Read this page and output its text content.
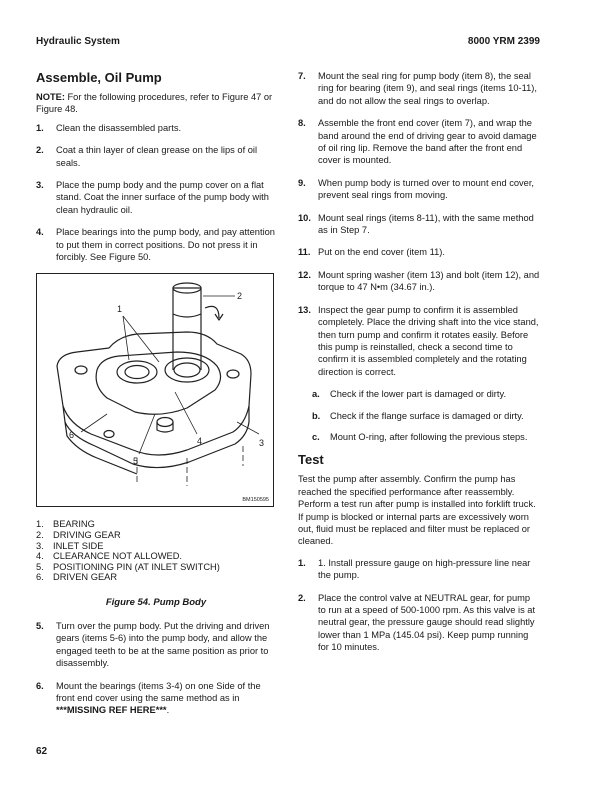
Hydraulic System	8000 YRM 2399
Assemble, Oil Pump
NOTE: For the following procedures, refer to Figure 47 or Figure 48.
1.	Clean the disassembled parts.
2.	Coat a thin layer of clean grease on the lips of oil seals.
3.	Place the pump body and the pump cover on a flat stand. Coat the inner surface of the pump body with clean hydraulic oil.
4.	Place bearings into the pump body, and pay attention to put them in correct positions. Do not press it in forcibly. See Figure 50.
1
2
3
4
5
6
BM150595
1. BEARING
2. DRIVING GEAR
3. INLET SIDE
4. CLEARANCE NOT ALLOWED.
5. POSITIONING PIN (AT INLET SWITCH)
6. DRIVEN GEAR
Figure 54. Pump Body
5.	Turn over the pump body. Put the driving and driven gears (items 5-6) into the pump body, and allow the engaged teeth to be at the same position as prior to disassembly.
6.	Mount the bearings (items 3-4) on one Side of the front end cover using the same method as in
***MISSING REF HERE***.
7.	Mount the seal ring for pump body (item 8), the seal ring for bearing (item 9), and seal rings (items 10-11), and do not allow the seal rings to overlap.
8.	Assemble the front end cover (item 7), and wrap the band around the end of driving gear to avoid damage of oil ring lip. Remove the band after the front end cover is mounted.
9.	When pump body is turned over to mount end cover, prevent seal rings from moving.
10. Mount seal rings (items 8-11), with the same method as in Step 7.
11. Put on the end cover (item 11).
12. Mount spring washer (item 13) and bolt (item 12), and torque to 47 N•m (34.67 in.).
13. Inspect the gear pump to confirm it is assembled completely. Place the driving shaft into the vice stand, then turn pump and confirm it rotates easily. Before this pump is reinstalled, check a second time to confirm it is assembled completely and the rotating direction is correct.
a.	Check if the lower part is damaged or dirty.
b.	Check if the flange surface is damaged or dirty.
c.	Mount O-ring, after following the previous steps.
Test
Test the pump after assembly. Confirm the pump has reached the specified performance after reassembly. Perform a test run after pump is installed into forklift truck. If pump is blocked or internal parts are excessively worn out, fluid must be replaced and filter must be replaced or cleaned.
1.	1. Install pressure gauge on high-pressure line near the pump.
2.	Place the control valve at NEUTRAL gear, for pump to run at a speed of 500-1000 rpm. As this valve is at neutral gear, the pressure gauge should read slightly lower than 1 MPa (145.04 psi). Keep pump running for 10 minutes.
62
